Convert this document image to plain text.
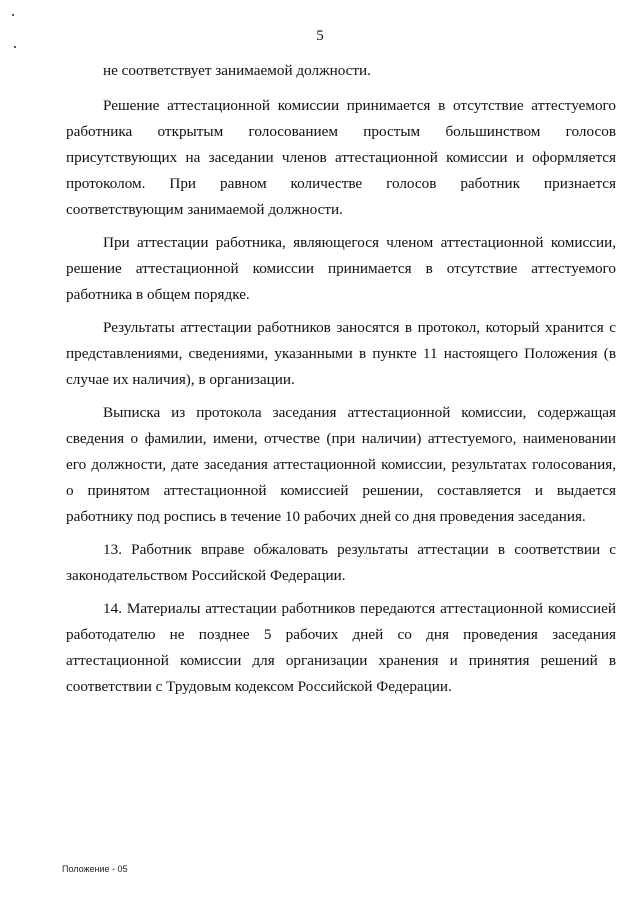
5

не соответствует занимаемой должности.

Решение аттестационной комиссии принимается в отсутствие аттестуемого работника открытым голосованием простым большинством голосов присутствующих на заседании членов аттестационной комиссии и оформляется протоколом. При равном количестве голосов работник признается соответствующим занимаемой должности.

При аттестации работника, являющегося членом аттестационной комиссии, решение аттестационной комиссии принимается в отсутствие аттестуемого работника в общем порядке.

Результаты аттестации работников заносятся в протокол, который хранится с представлениями, сведениями, указанными в пункте 11 настоящего Положения (в случае их наличия), в организации.

Выписка из протокола заседания аттестационной комиссии, содержащая сведения о фамилии, имени, отчестве (при наличии) аттестуемого, наименовании его должности, дате заседания аттестационной комиссии, результатах голосования, о принятом аттестационной комиссией решении, составляется и выдается работнику под роспись в течение 10 рабочих дней со дня проведения заседания.

13. Работник вправе обжаловать результаты аттестации в соответствии с законодательством Российской Федерации.

14. Материалы аттестации работников передаются аттестационной комиссией работодателю не позднее 5 рабочих дней со дня проведения заседания аттестационной комиссии для организации хранения и принятия решений в соответствии с Трудовым кодексом Российской Федерации.

Положение - 05
